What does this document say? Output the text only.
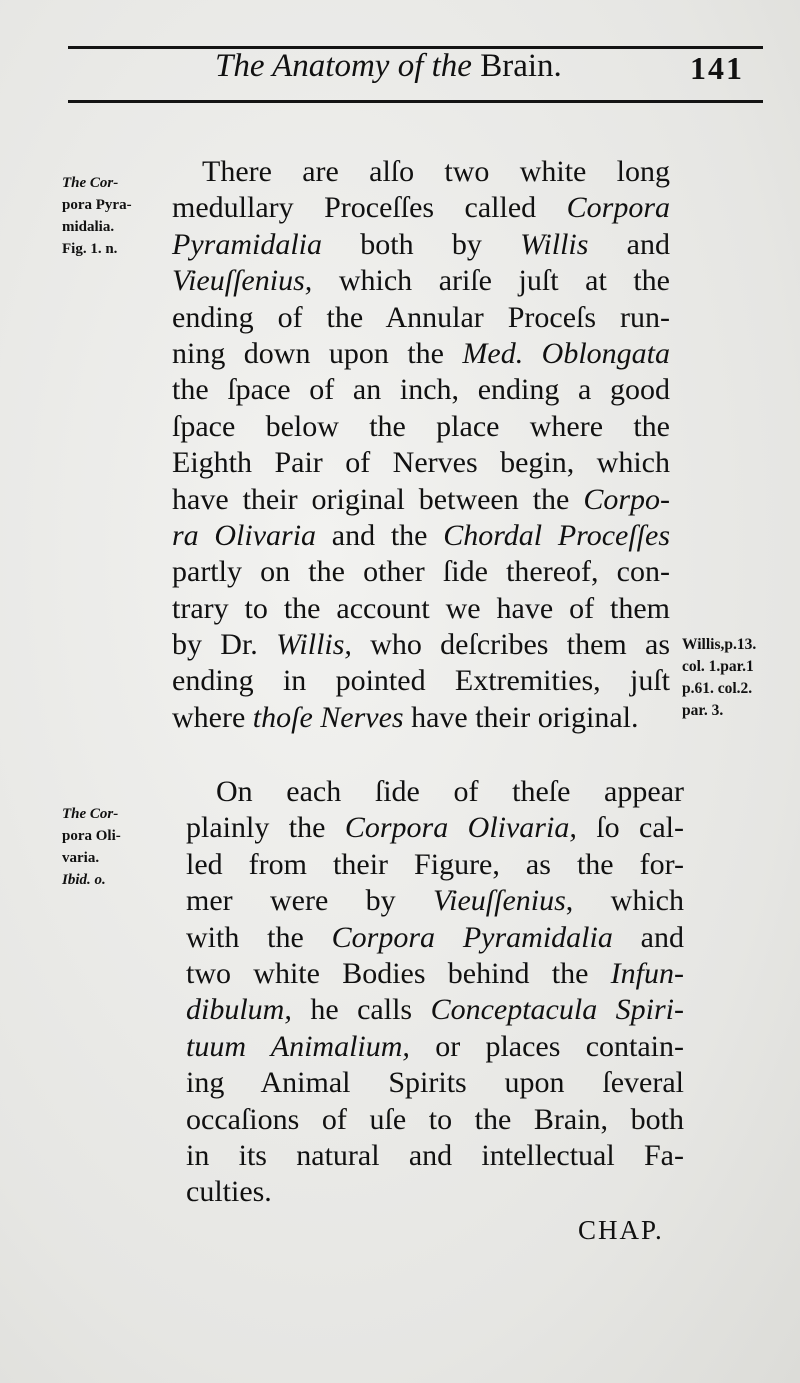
The Anatomy of the Brain.	141
The Cor-
pora Pyra-
midalia.
Fig. 1. n.
The Cor-
pora Oli-
varia.
Ibid. o.
Willis,p.13.
col. 1.par.1
p.61. col.2.
par. 3.
There are alſo two white long
medullary Proceſſes called Corpora
Pyramidalia both by Willis and
Vieuſſenius, which ariſe juſt at the
ending of the Annular Proceſs run-
ning down upon the Med. Oblongata
the ſpace of an inch, ending a good
ſpace below the place where the
Eighth Pair of Nerves begin, which
have their original between the Corpo-
ra Olivaria and the Chordal Proceſſes
partly on the other ſide thereof, con-
trary to the account we have of them
by Dr. Willis, who deſcribes them as
ending in pointed Extremities, juſt
where thoſe Nerves have their original.
On each ſide of theſe appear
plainly the Corpora Olivaria, ſo cal-
led from their Figure, as the for-
mer were by Vieuſſenius, which
with the Corpora Pyramidalia and
two white Bodies behind the Infun-
dibulum, he calls Conceptacula Spiri-
tuum Animalium, or places contain-
ing Animal Spirits upon ſeveral
occaſions of uſe to the Brain, both
in its natural and intellectual Fa-
culties.
CHAP.
